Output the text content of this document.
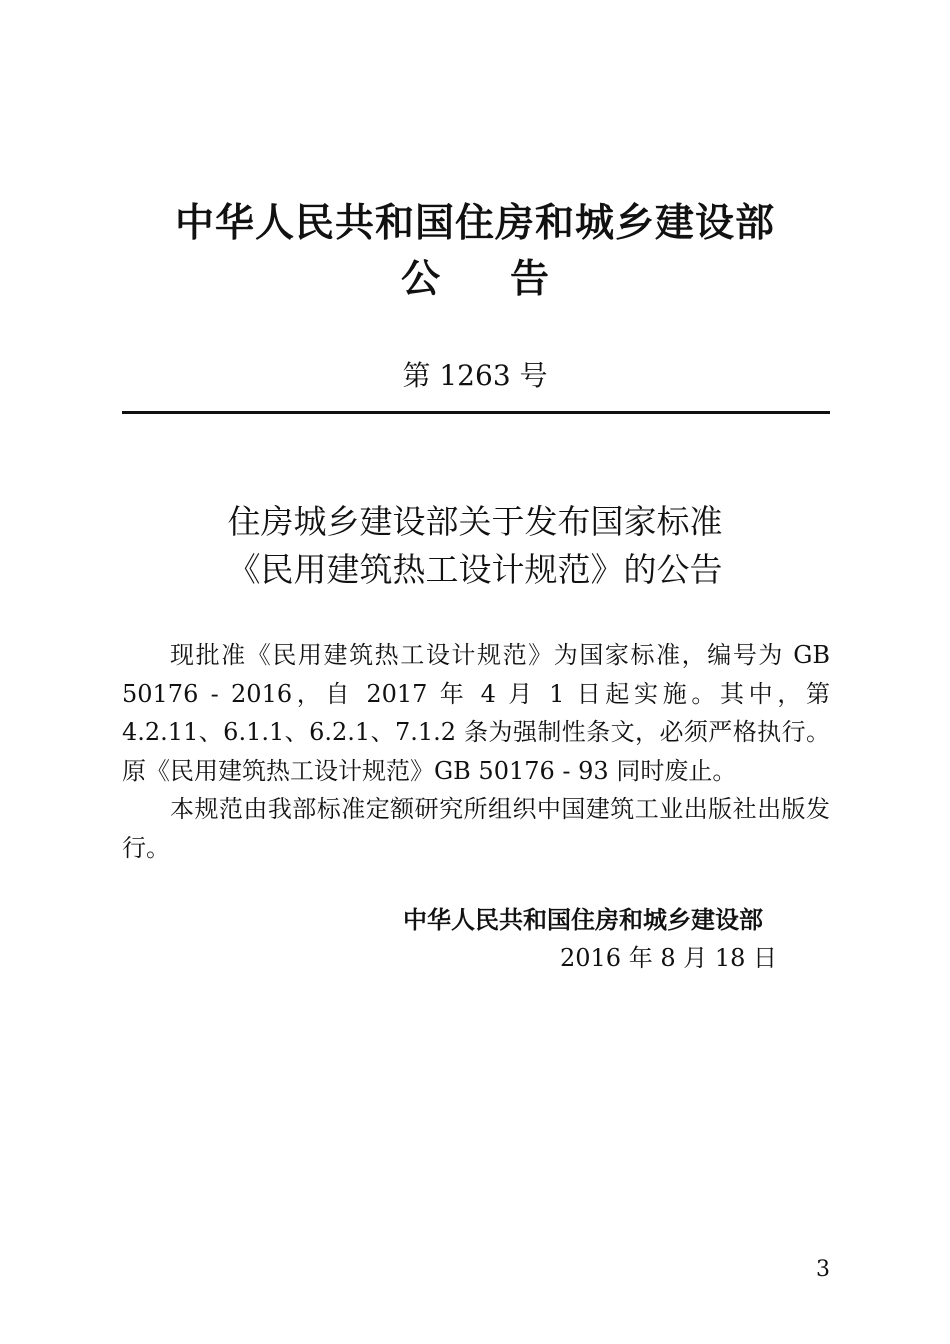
中华人民共和国住房和城乡建设部
公告
第 1263 号
住房城乡建设部关于发布国家标准
《民用建筑热工设计规范》的公告

现批准《民用建筑热工设计规范》为国家标准，编号为 GB 50176 - 2016，自 2017 年 4 月 1 日起实施。其中，第 4.2.11、6.1.1、6.2.1、7.1.2 条为强制性条文，必须严格执行。原《民用建筑热工设计规范》GB 50176 - 93 同时废止。

本规范由我部标准定额研究所组织中国建筑工业出版社出版发行。

中华人民共和国住房和城乡建设部
2016 年 8 月 18 日
3
